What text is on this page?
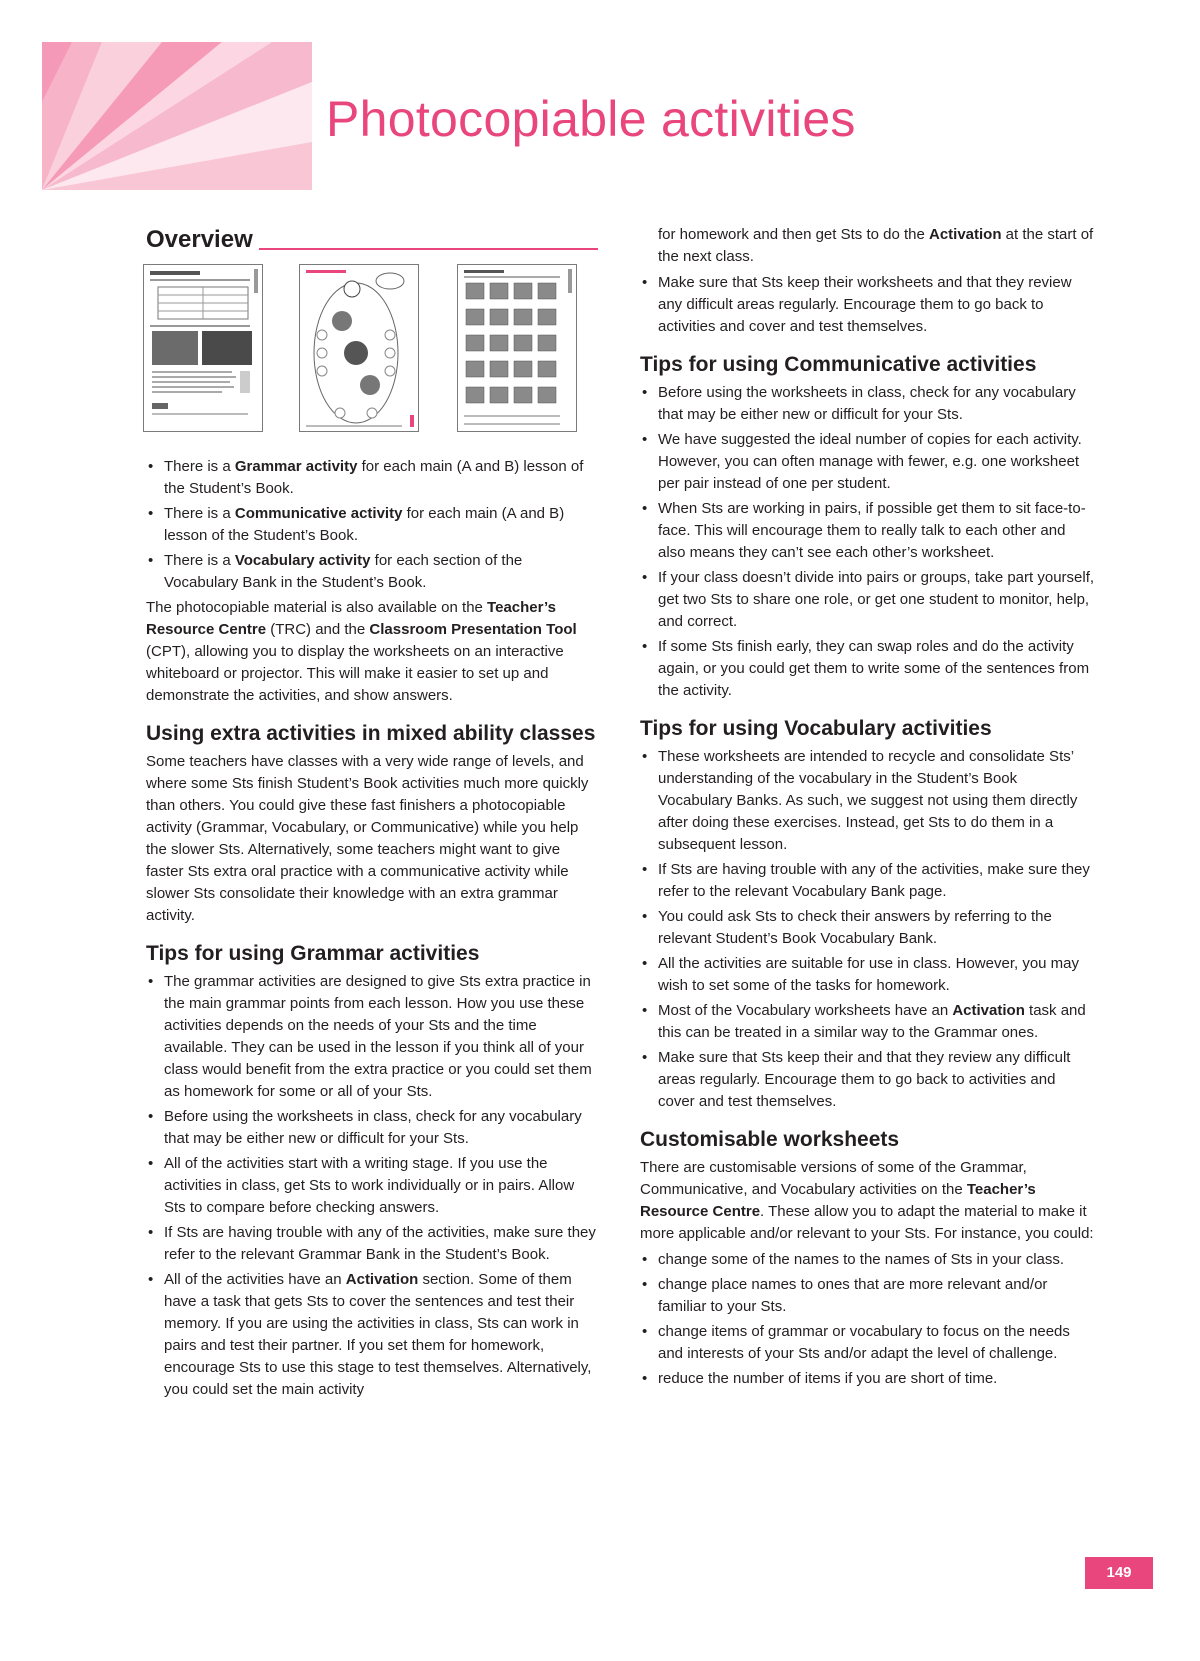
Photocopiable activities
Overview
• There is a Grammar activity for each main (A and B) lesson of the Student’s Book.
• There is a Communicative activity for each main (A and B) lesson of the Student’s Book.
• There is a Vocabulary activity for each section of the Vocabulary Bank in the Student’s Book.

The photocopiable material is also available on the Teacher’s Resource Centre (TRC) and the Classroom Presentation Tool (CPT), allowing you to display the worksheets on an interactive whiteboard or projector. This will make it easier to set up and demonstrate the activities, and show answers.

Using extra activities in mixed ability classes

Some teachers have classes with a very wide range of levels, and where some Sts finish Student’s Book activities much more quickly than others. You could give these fast finishers a photocopiable activity (Grammar, Vocabulary, or Communicative) while you help the slower Sts. Alternatively, some teachers might want to give faster Sts extra oral practice with a communicative activity while slower Sts consolidate their knowledge with an extra grammar activity.

Tips for using Grammar activities
• The grammar activities are designed to give Sts extra practice in the main grammar points from each lesson. How you use these activities depends on the needs of your Sts and the time available. They can be used in the lesson if you think all of your class would benefit from the extra practice or you could set them as homework for some or all of your Sts.
• Before using the worksheets in class, check for any vocabulary that may be either new or difficult for your Sts.
• All of the activities start with a writing stage. If you use the activities in class, get Sts to work individually or in pairs. Allow Sts to compare before checking answers.
• If Sts are having trouble with any of the activities, make sure they refer to the relevant Grammar Bank in the Student’s Book.
• All of the activities have an Activation section. Some of them have a task that gets Sts to cover the sentences and test their memory. If you are using the activities in class, Sts can work in pairs and test their partner. If you set them for homework, encourage Sts to use this stage to test themselves. Alternatively, you could set the main activity

for homework and then get Sts to do the Activation at the start of the next class.

• Make sure that Sts keep their worksheets and that they review any difficult areas regularly. Encourage them to go back to activities and cover and test themselves.
Tips for using Communicative activities
• Before using the worksheets in class, check for any vocabulary that may be either new or difficult for your Sts.
• We have suggested the ideal number of copies for each activity. However, you can often manage with fewer, e.g. one worksheet per pair instead of one per student.
• When Sts are working in pairs, if possible get them to sit face-to-face. This will encourage them to really talk to each other and also means they can’t see each other’s worksheet.
• If your class doesn’t divide into pairs or groups, take part yourself, get two Sts to share one role, or get one student to monitor, help, and correct.
• If some Sts finish early, they can swap roles and do the activity again, or you could get them to write some of the sentences from the activity.
Tips for using Vocabulary activities
• These worksheets are intended to recycle and consolidate Sts’ understanding of the vocabulary in the Student’s Book Vocabulary Banks. As such, we suggest not using them directly after doing these exercises. Instead, get Sts to do them in a subsequent lesson.
• If Sts are having trouble with any of the activities, make sure they refer to the relevant Vocabulary Bank page.
• You could ask Sts to check their answers by referring to the relevant Student’s Book Vocabulary Bank.
• All the activities are suitable for use in class. However, you may wish to set some of the tasks for homework.
• Most of the Vocabulary worksheets have an Activation task and this can be treated in a similar way to the Grammar ones.
• Make sure that Sts keep their and that they review any difficult areas regularly. Encourage them to go back to activities and cover and test themselves.
Customisable worksheets

There are customisable versions of some of the Grammar, Communicative, and Vocabulary activities on the Teacher’s Resource Centre. These allow you to adapt the material to make it more applicable and/or relevant to your Sts. For instance, you could:

• change some of the names to the names of Sts in your class.
• change place names to ones that are more relevant and/or familiar to your Sts.
• change items of grammar or vocabulary to focus on the needs and interests of your Sts and/or adapt the level of challenge.
• reduce the number of items if you are short of time.
149
